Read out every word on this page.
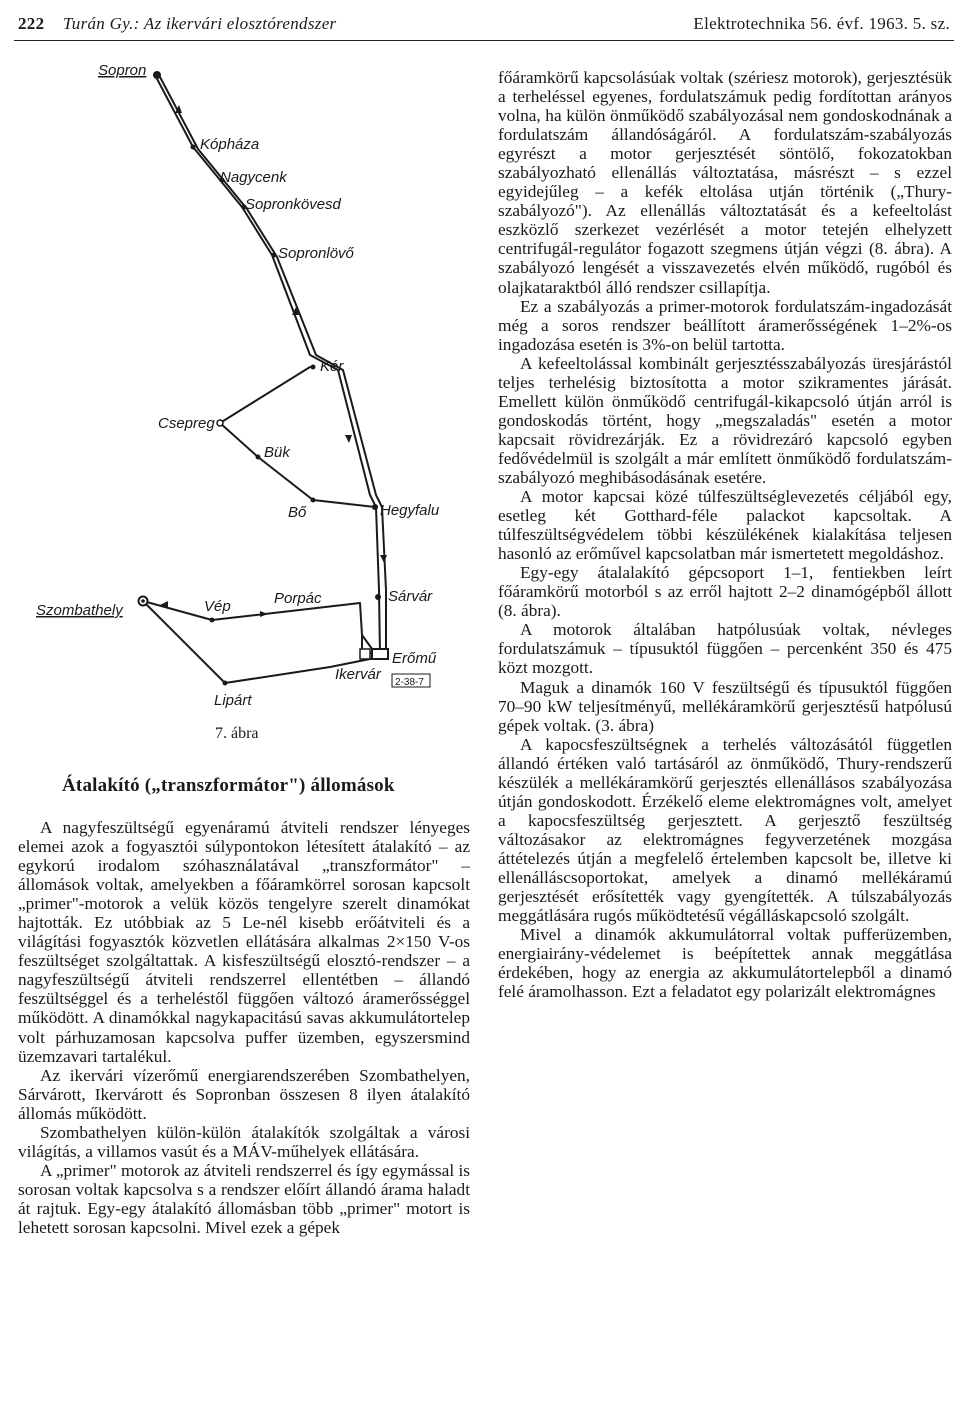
222 Turán Gy.: Az ikervári elosztórendszer	Elektrotechnika 56. évf. 1963. 5. sz.
Sopron
Kópháza
Nagycenk
Sopronkövesd
Sopronlövő
Kér
Csepreg
Bük
Bő	Hegyfalu
Szombathely	Vép	Porpác	Sárvár
Erőmű
Ikervár 2-38-7
Lipárt
7. ábra
Átalakító („transzformátor") állomások

A nagyfeszültségű egyenáramú átviteli rendszer lényeges elemei azok a fogyasztói súlypontokon létesített átalakító – az egykorú irodalom szóhasználatával „transzformátor" – állomások voltak, amelyekben a főáramkörrel sorosan kapcsolt „primer"-motorok a velük közös tengelyre szerelt dinamókat hajtották. Ez utóbbiak az 5 Le-nél kisebb erőátviteli és a világítási fogyasztók közvetlen ellátására alkalmas 2×150 V-os feszültséget szolgáltattak. A kisfeszültségű elosztó-rendszer – a nagyfeszültségű átviteli rendszerrel ellentétben – állandó feszültséggel és a terheléstől függően változó áramerősséggel működött. A dinamókkal nagykapacitású savas akkumulátortelep volt párhuzamosan kapcsolva puffer üzemben, egyszersmind üzemzavari tartalékul.

Az ikervári vízerőmű energiarendszerében Szombathelyen, Sárvárott, Ikervárott és Sopronban összesen 8 ilyen átalakító állomás működött.

Szombathelyen külön-külön átalakítók szolgáltak a városi világítás, a villamos vasút és a MÁV-műhelyek ellátására.

A „primer" motorok az átviteli rendszerrel és így egymással is sorosan voltak kapcsolva s a rendszer előírt állandó árama haladt át rajtuk. Egy-egy átalakító állomásban több „primer" motort is lehetett sorosan kapcsolni. Mivel ezek a gépek

főáramkörű kapcsolásúak voltak (szériesz motorok), gerjesztésük a terheléssel egyenes, fordulatszámuk pedig fordítottan arányos volna, ha külön önműködő szabályozásal nem gondoskodnának a fordulatszám állandóságáról. A fordulatszám-szabályozás egyrészt a motor gerjesztését söntölő, fokozatokban szabályozható ellenállás változtatása, másrészt – s ezzel egyidejűleg – a kefék eltolása utján történik („Thury-szabályozó"). Az ellenállás változtatását és a kefeeltolást eszközlő szerkezet vezérlését a motor tetején elhelyzett centrifugál-regulátor fogazott szegmens útján végzi (8. ábra). A szabályozó lengését a visszavezetés elvén működő, rugóból és olajkataraktból álló rendszer csillapítja.

Ez a szabályozás a primer-motorok fordulatszám-ingadozását még a soros rendszer beállított áramerősségének 1–2%-os ingadozása esetén is 3%-on belül tartotta.

A kefeeltolással kombinált gerjesztésszabályozás üresjárástól teljes terhelésig biztosította a motor szikramentes járását. Emellett külön önműködő centrifugál-kikapcsoló útján arról is gondoskodás történt, hogy „megszaladás" esetén a motor kapcsait rövidrezárják. Ez a rövidrezáró kapcsoló egyben fedővédelmül is szolgált a már említett önműködő fordulatszám-szabályozó meghibásodásának esetére.

A motor kapcsai közé túlfeszültséglevezetés céljából egy, esetleg két Gotthard-féle palackot kapcsoltak. A túlfeszültségvédelem többi készülékének kialakítása teljesen hasonló az erőművel kapcsolatban már ismertetett megoldáshoz.

Egy-egy átalalakító gépcsoport 1–1, fentiekben leírt főáramkörű motorból s az erről hajtott 2–2 dinamógépből állott (8. ábra).

A motorok általában hatpólusúak voltak, névleges fordulatszámuk – típusuktól függően – percenként 350 és 475 közt mozgott.

Maguk a dinamók 160 V feszültségű és típusuktól függően 70–90 kW teljesítményű, mellékáramkörű gerjesztésű hatpólusú gépek voltak. (3. ábra)

A kapocsfeszültségnek a terhelés változásától független állandó értéken való tartásáról az önműködő, Thury-rendszerű készülék a mellékáramkörű gerjesztés ellenállásos szabályozása útján gondoskodott. Érzékelő eleme elektromágnes volt, amelyet a kapocsfeszültség gerjesztett. A gerjesztő feszültség változásakor az elektromágnes fegyverzetének mozgása áttételezés útján a megfelelő értelemben kapcsolt be, illetve ki ellenálláscsoportokat, amelyek a dinamó mellékáramú gerjesztését erősítették vagy gyengítették. A túlszabályozás meggátlására rugós működtetésű végálláskapcsoló szolgált.

Mivel a dinamók akkumulátorral voltak pufferüzemben, energiairány-védelemet is beépítettek annak meggátlása érdekében, hogy az energia az akkumulátortelepből a dinamó felé áramolhasson. Ezt a feladatot egy polarizált elektromágnes
